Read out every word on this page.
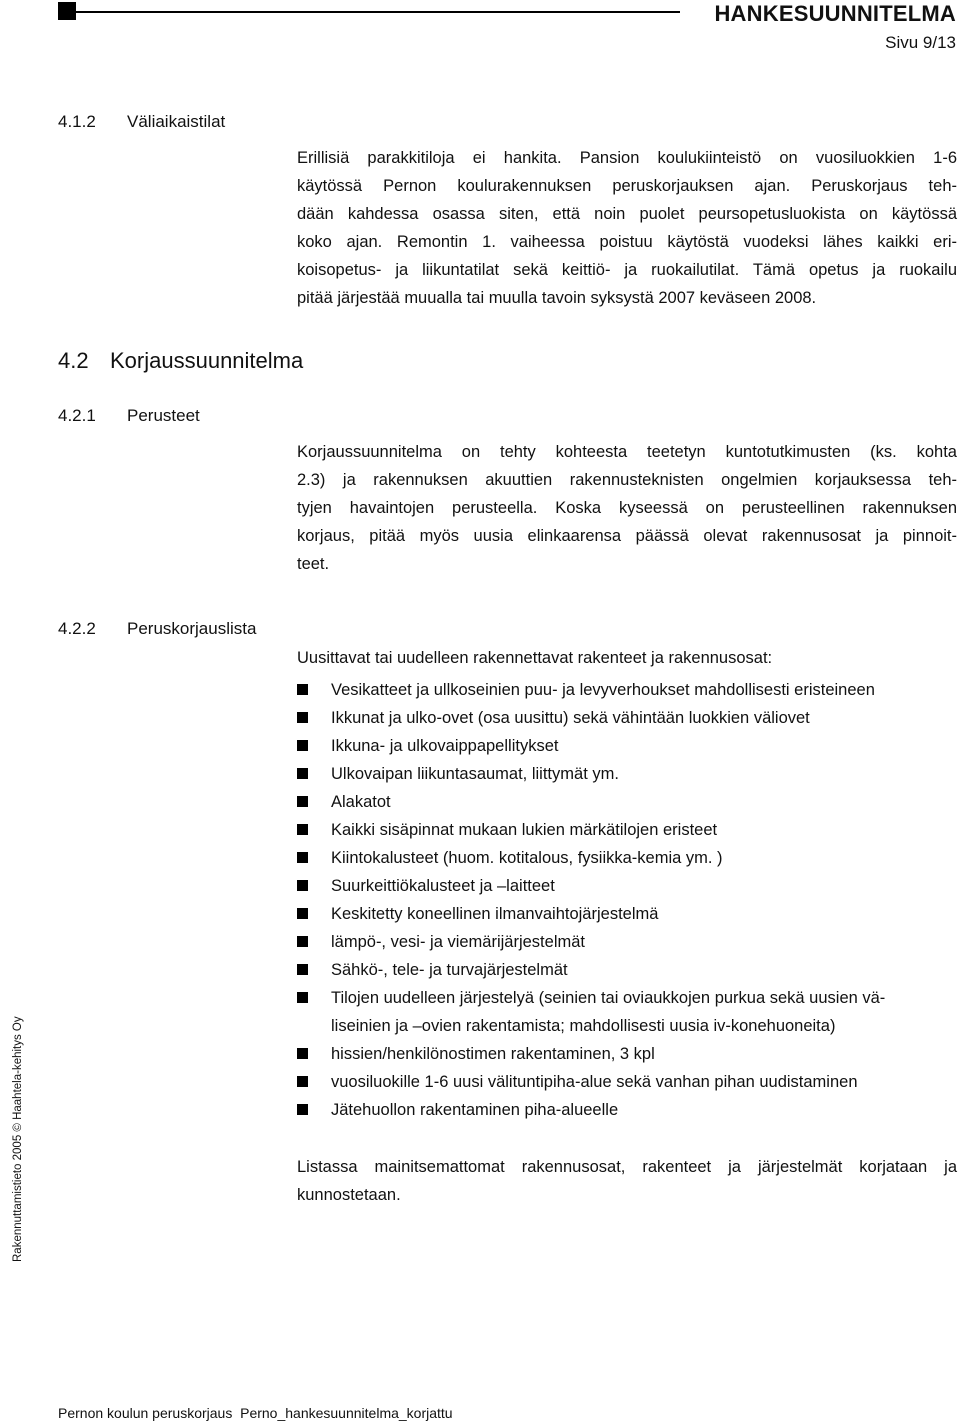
HANKESUUNNITELMA
Sivu 9/13
4.1.2 Väliaikaistilat
Erillisiä parakkitiloja ei hankita. Pansion koulukiinteistö on vuosiluokkien 1-6
käytössä Pernon koulurakennuksen peruskorjauksen ajan. Peruskorjaus teh-
dään kahdessa osassa siten, että noin puolet peursopetusluokista on käytössä
koko ajan. Remontin 1. vaiheessa poistuu käytöstä vuodeksi lähes kaikki eri-
koisopetus- ja liikuntatilat sekä keittiö- ja ruokailutilat. Tämä opetus ja ruokailu
pitää järjestää muualla tai muulla tavoin syksystä 2007 keväseen 2008.
4.2 Korjaussuunnitelma
4.2.1 Perusteet
Korjaussuunnitelma on tehty kohteesta teetetyn kuntotutkimusten (ks. kohta
2.3) ja rakennuksen akuuttien rakennusteknisten ongelmien korjauksessa teh-
tyjen havaintojen perusteella. Koska kyseessä on perusteellinen rakennuksen
korjaus, pitää myös uusia elinkaarensa päässä olevat rakennusosat ja pinnoit-
teet.
4.2.2 Peruskorjauslista
Uusittavat tai uudelleen rakennettavat rakenteet ja rakennusosat:
Vesikatteet ja ullkoseinien puu- ja levyverhoukset mahdollisesti eristeineen
Ikkunat ja ulko-ovet (osa uusittu) sekä vähintään luokkien väliovet
Ikkuna- ja ulkovaippapellitykset
Ulkovaipan liikuntasaumat, liittymät ym.
Alakatot
Kaikki sisäpinnat mukaan lukien märkätilojen eristeet
Kiintokalusteet (huom. kotitalous, fysiikka-kemia ym. )
Suurkeittiökalusteet ja –laitteet
Keskitetty koneellinen ilmanvaihtojärjestelmä
lämpö-, vesi- ja viemärijärjestelmät
Sähkö-, tele- ja turvajärjestelmät
Tilojen uudelleen järjestelyä (seinien tai oviaukkojen purkua sekä uusien vä-
liseinien ja –ovien rakentamista; mahdollisesti uusia iv-konehuoneita)
hissien/henkilönostimen rakentaminen, 3 kpl
vuosiluokille 1-6 uusi välituntipiha-alue sekä vanhan pihan uudistaminen
Jätehuollon rakentaminen piha-alueelle
Listassa mainitsemattomat rakennusosat, rakenteet ja järjestelmät korjataan ja
kunnostetaan.
Rakennuttamistieto 2005 © Haahtela-kehitys Oy
Pernon koulun peruskorjaus  Perno_hankesuunnitelma_korjattu
